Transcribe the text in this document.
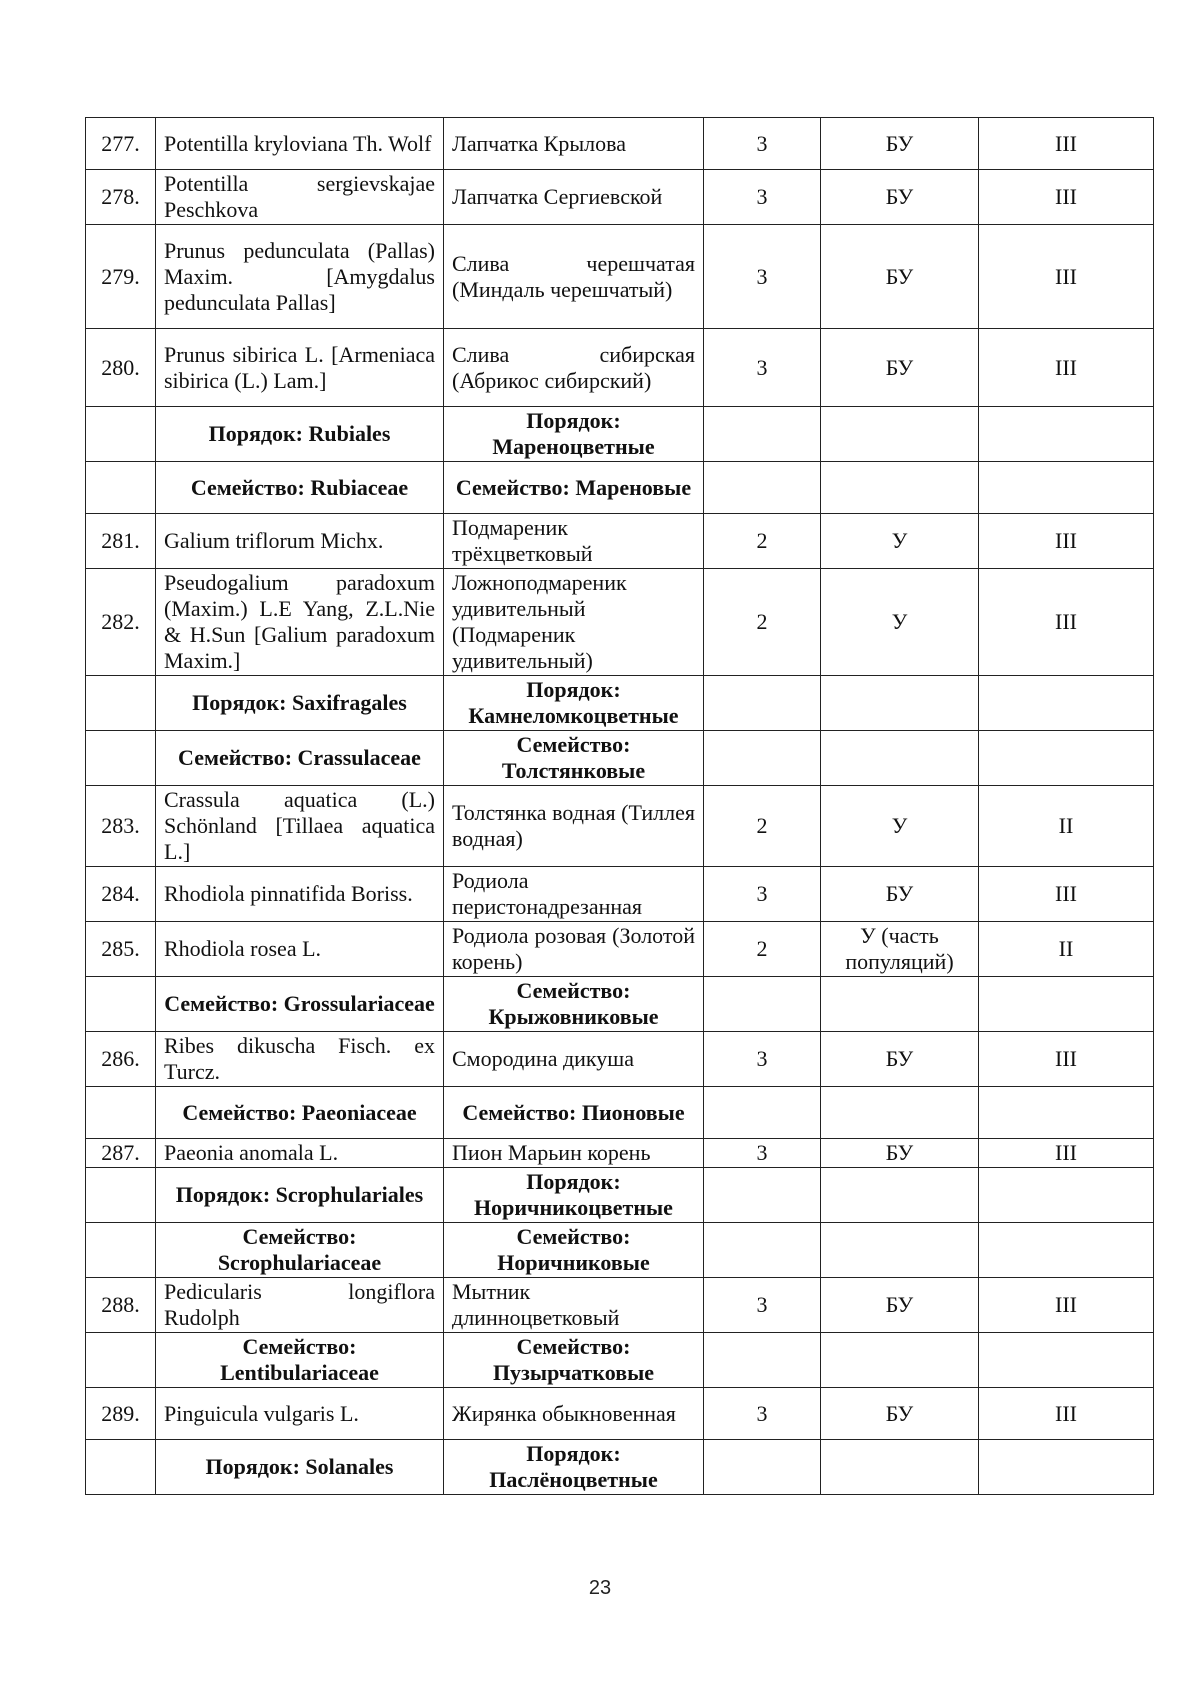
277.	Potentilla kryloviana Th. Wolf	Лапчатка Крылова	3	БУ	III
278.	Potentilla sergievskajae Peschkova	Лапчатка Сергиевской	3	БУ	III
279.	Prunus pedunculata (Pallas) Maxim. [Amygdalus pedunculata Pallas]	Слива черешчатая (Миндаль черешчатый)	3	БУ	III
280.	Prunus sibirica L. [Armeniaca sibirica (L.) Lam.]	Слива сибирская (Абрикос сибирский)	3	БУ	III
	Порядок: Rubiales	Порядок: Мареноцветные			
	Семейство: Rubiaceae	Семейство: Мареновые			
281.	Galium triflorum Michx.	Подмареник трёхцветковый	2	У	III
282.	Pseudogalium paradoxum (Maxim.) L.E Yang, Z.L.Nie & H.Sun [Galium paradoxum Maxim.]	Ложноподмареник удивительный (Подмареник удивительный)	2	У	III
	Порядок: Saxifragales	Порядок: Камнеломкоцветные			
	Семейство: Crassulaceae	Семейство: Толстянковые			
283.	Crassula aquatica (L.) Schönland [Tillaea aquatica L.]	Толстянка водная (Тиллея водная)	2	У	II
284.	Rhodiola pinnatifida Boriss.	Родиола перистонадрезанная	3	БУ	III
285.	Rhodiola rosea L.	Родиола розовая (Золотой корень)	2	У (часть популяций)	II
	Семейство: Grossulariaceae	Семейство: Крыжовниковые			
286.	Ribes dikuscha Fisch. ex Turcz.	Смородина дикуша	3	БУ	III
	Семейство: Paeoniaceae	Семейство: Пионовые			
287.	Paeonia anomala L.	Пион Марьин корень	3	БУ	III
	Порядок: Scrophulariales	Порядок: Норичникоцветные			
	Семейство: Scrophulariaceae	Семейство: Норичниковые			
288.	Pedicularis longiflora Rudolph	Мытник длинноцветковый	3	БУ	III
	Семейство: Lentibulariaceae	Семейство: Пузырчатковые			
289.	Pinguicula vulgaris L.	Жирянка обыкновенная	3	БУ	III
	Порядок: Solanales	Порядок: Паслёноцветные			
23
